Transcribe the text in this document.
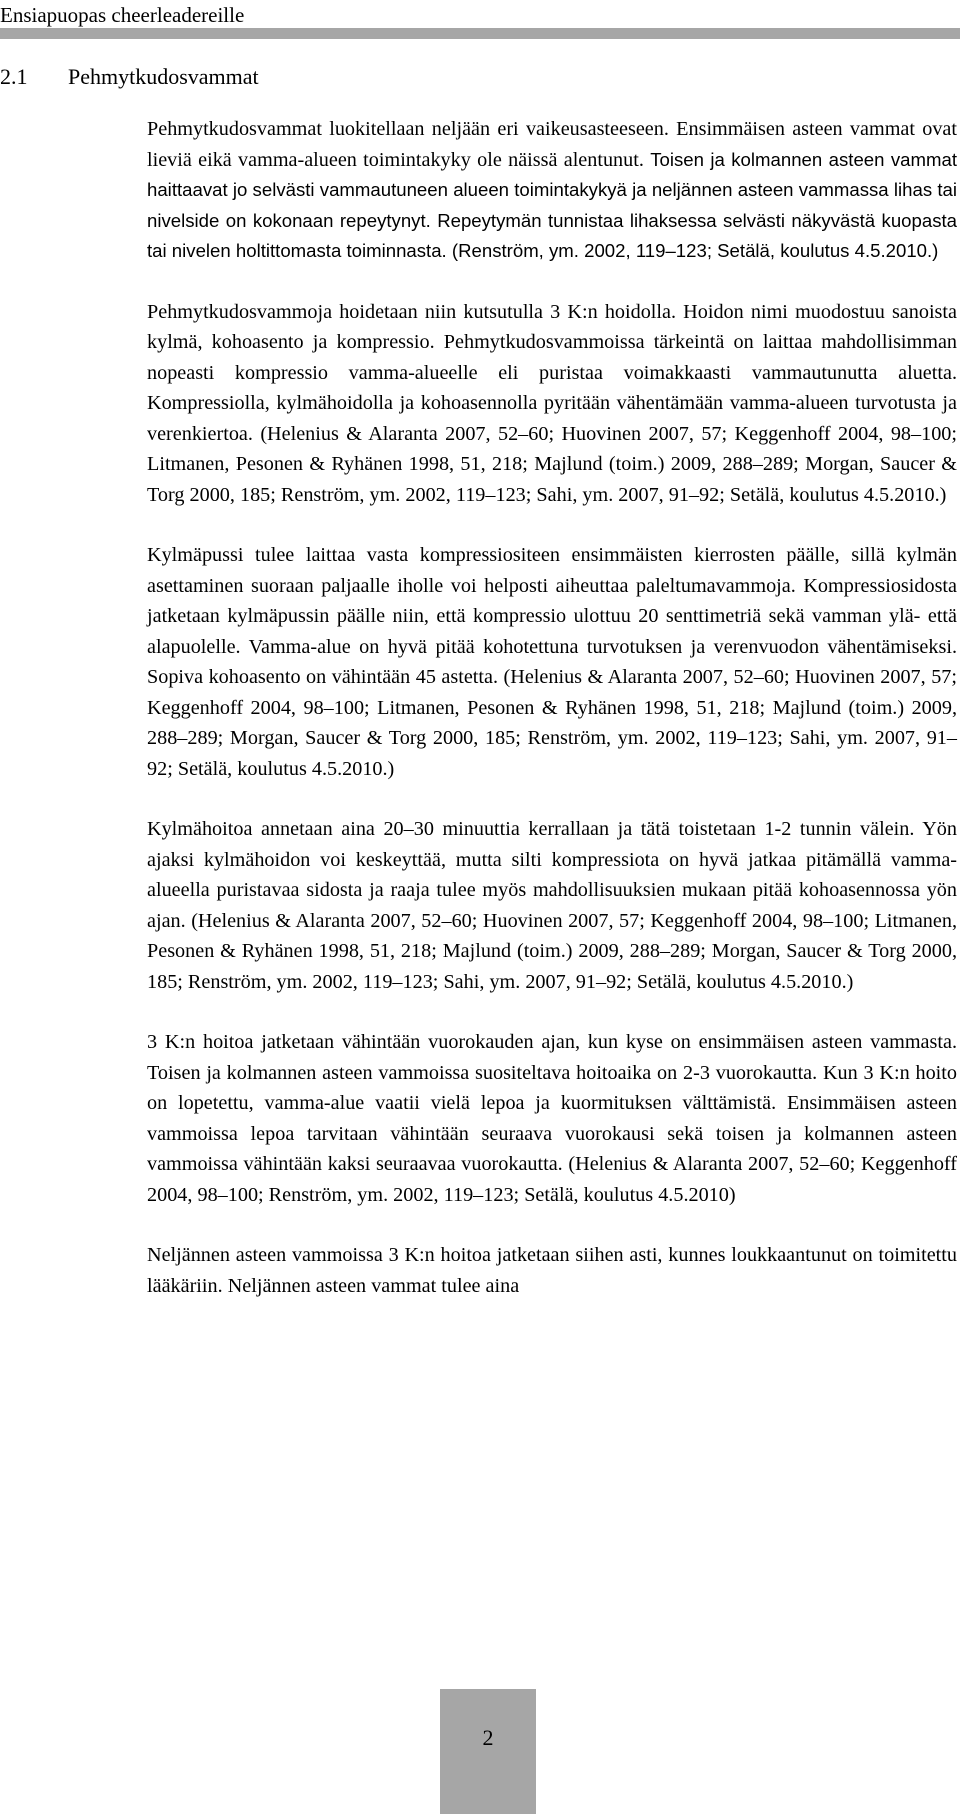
Ensiapuopas cheerleadereille
2.1 Pehmytkudosvammat

Pehmytkudosvammat luokitellaan neljään eri vaikeusasteeseen. Ensimmäisen asteen vammat ovat lieviä eikä vamma-alueen toimintakyky ole näissä alentunut. Toisen ja kolmannen asteen vammat haittaavat jo selvästi vammautuneen alueen toimintakykyä ja neljännen asteen vammassa lihas tai nivelside on kokonaan repeytynyt. Repeytymän tunnistaa lihaksessa selvästi näkyvästä kuopasta tai nivelen holtittomasta toiminnasta. (Renström, ym. 2002, 119–123; Setälä, koulutus 4.5.2010.)

Pehmytkudosvammoja hoidetaan niin kutsutulla 3 K:n hoidolla. Hoidon nimi muodostuu sanoista kylmä, kohoasento ja kompressio. Pehmytkudosvammoissa tärkeintä on laittaa mahdollisimman nopeasti kompressio vamma-alueelle eli puristaa voimakkaasti vammautunutta aluetta. Kompressiolla, kylmähoidolla ja kohoasennolla pyritään vähentämään vamma-alueen turvotusta ja verenkiertoa. (Helenius & Alaranta 2007, 52–60; Huovinen 2007, 57; Keggenhoff 2004, 98–100; Litmanen, Pesonen & Ryhänen 1998, 51, 218; Majlund (toim.) 2009, 288–289; Morgan, Saucer & Torg 2000, 185; Renström, ym. 2002, 119–123; Sahi, ym. 2007, 91–92; Setälä, koulutus 4.5.2010.)

Kylmäpussi tulee laittaa vasta kompressiositeen ensimmäisten kierrosten päälle, sillä kylmän asettaminen suoraan paljaalle iholle voi helposti aiheuttaa paleltumavammoja. Kompressiosidosta jatketaan kylmäpussin päälle niin, että kompressio ulottuu 20 senttimetriä sekä vamman ylä- että alapuolelle. Vamma-alue on hyvä pitää kohotettuna turvotuksen ja verenvuodon vähentämiseksi. Sopiva kohoasento on vähintään 45 astetta. (Helenius & Alaranta 2007, 52–60; Huovinen 2007, 57; Keggenhoff 2004, 98–100; Litmanen, Pesonen & Ryhänen 1998, 51, 218; Majlund (toim.) 2009, 288–289; Morgan, Saucer & Torg 2000, 185; Renström, ym. 2002, 119–123; Sahi, ym. 2007, 91–92; Setälä, koulutus 4.5.2010.)

Kylmähoitoa annetaan aina 20–30 minuuttia kerrallaan ja tätä toistetaan 1-2 tunnin välein. Yön ajaksi kylmähoidon voi keskeyttää, mutta silti kompressiota on hyvä jatkaa pitämällä vamma-alueella puristavaa sidosta ja raaja tulee myös mahdollisuuksien mukaan pitää kohoasennossa yön ajan. (Helenius & Alaranta 2007, 52–60; Huovinen 2007, 57; Keggenhoff 2004, 98–100; Litmanen, Pesonen & Ryhänen 1998, 51, 218; Majlund (toim.) 2009, 288–289; Morgan, Saucer & Torg 2000, 185; Renström, ym. 2002, 119–123; Sahi, ym. 2007, 91–92; Setälä, koulutus 4.5.2010.)

3 K:n hoitoa jatketaan vähintään vuorokauden ajan, kun kyse on ensimmäisen asteen vammasta. Toisen ja kolmannen asteen vammoissa suositeltava hoitoaika on 2-3 vuorokautta. Kun 3 K:n hoito on lopetettu, vamma-alue vaatii vielä lepoa ja kuormituksen välttämistä. Ensimmäisen asteen vammoissa lepoa tarvitaan vähintään seuraava vuorokausi sekä toisen ja kolmannen asteen vammoissa vähintään kaksi seuraavaa vuorokautta. (Helenius & Alaranta 2007, 52–60; Keggenhoff 2004, 98–100; Renström, ym. 2002, 119–123; Setälä, koulutus 4.5.2010)

Neljännen asteen vammoissa 3 K:n hoitoa jatketaan siihen asti, kunnes loukkaantunut on toimitettu lääkäriin. Neljännen asteen vammat tulee aina

2
